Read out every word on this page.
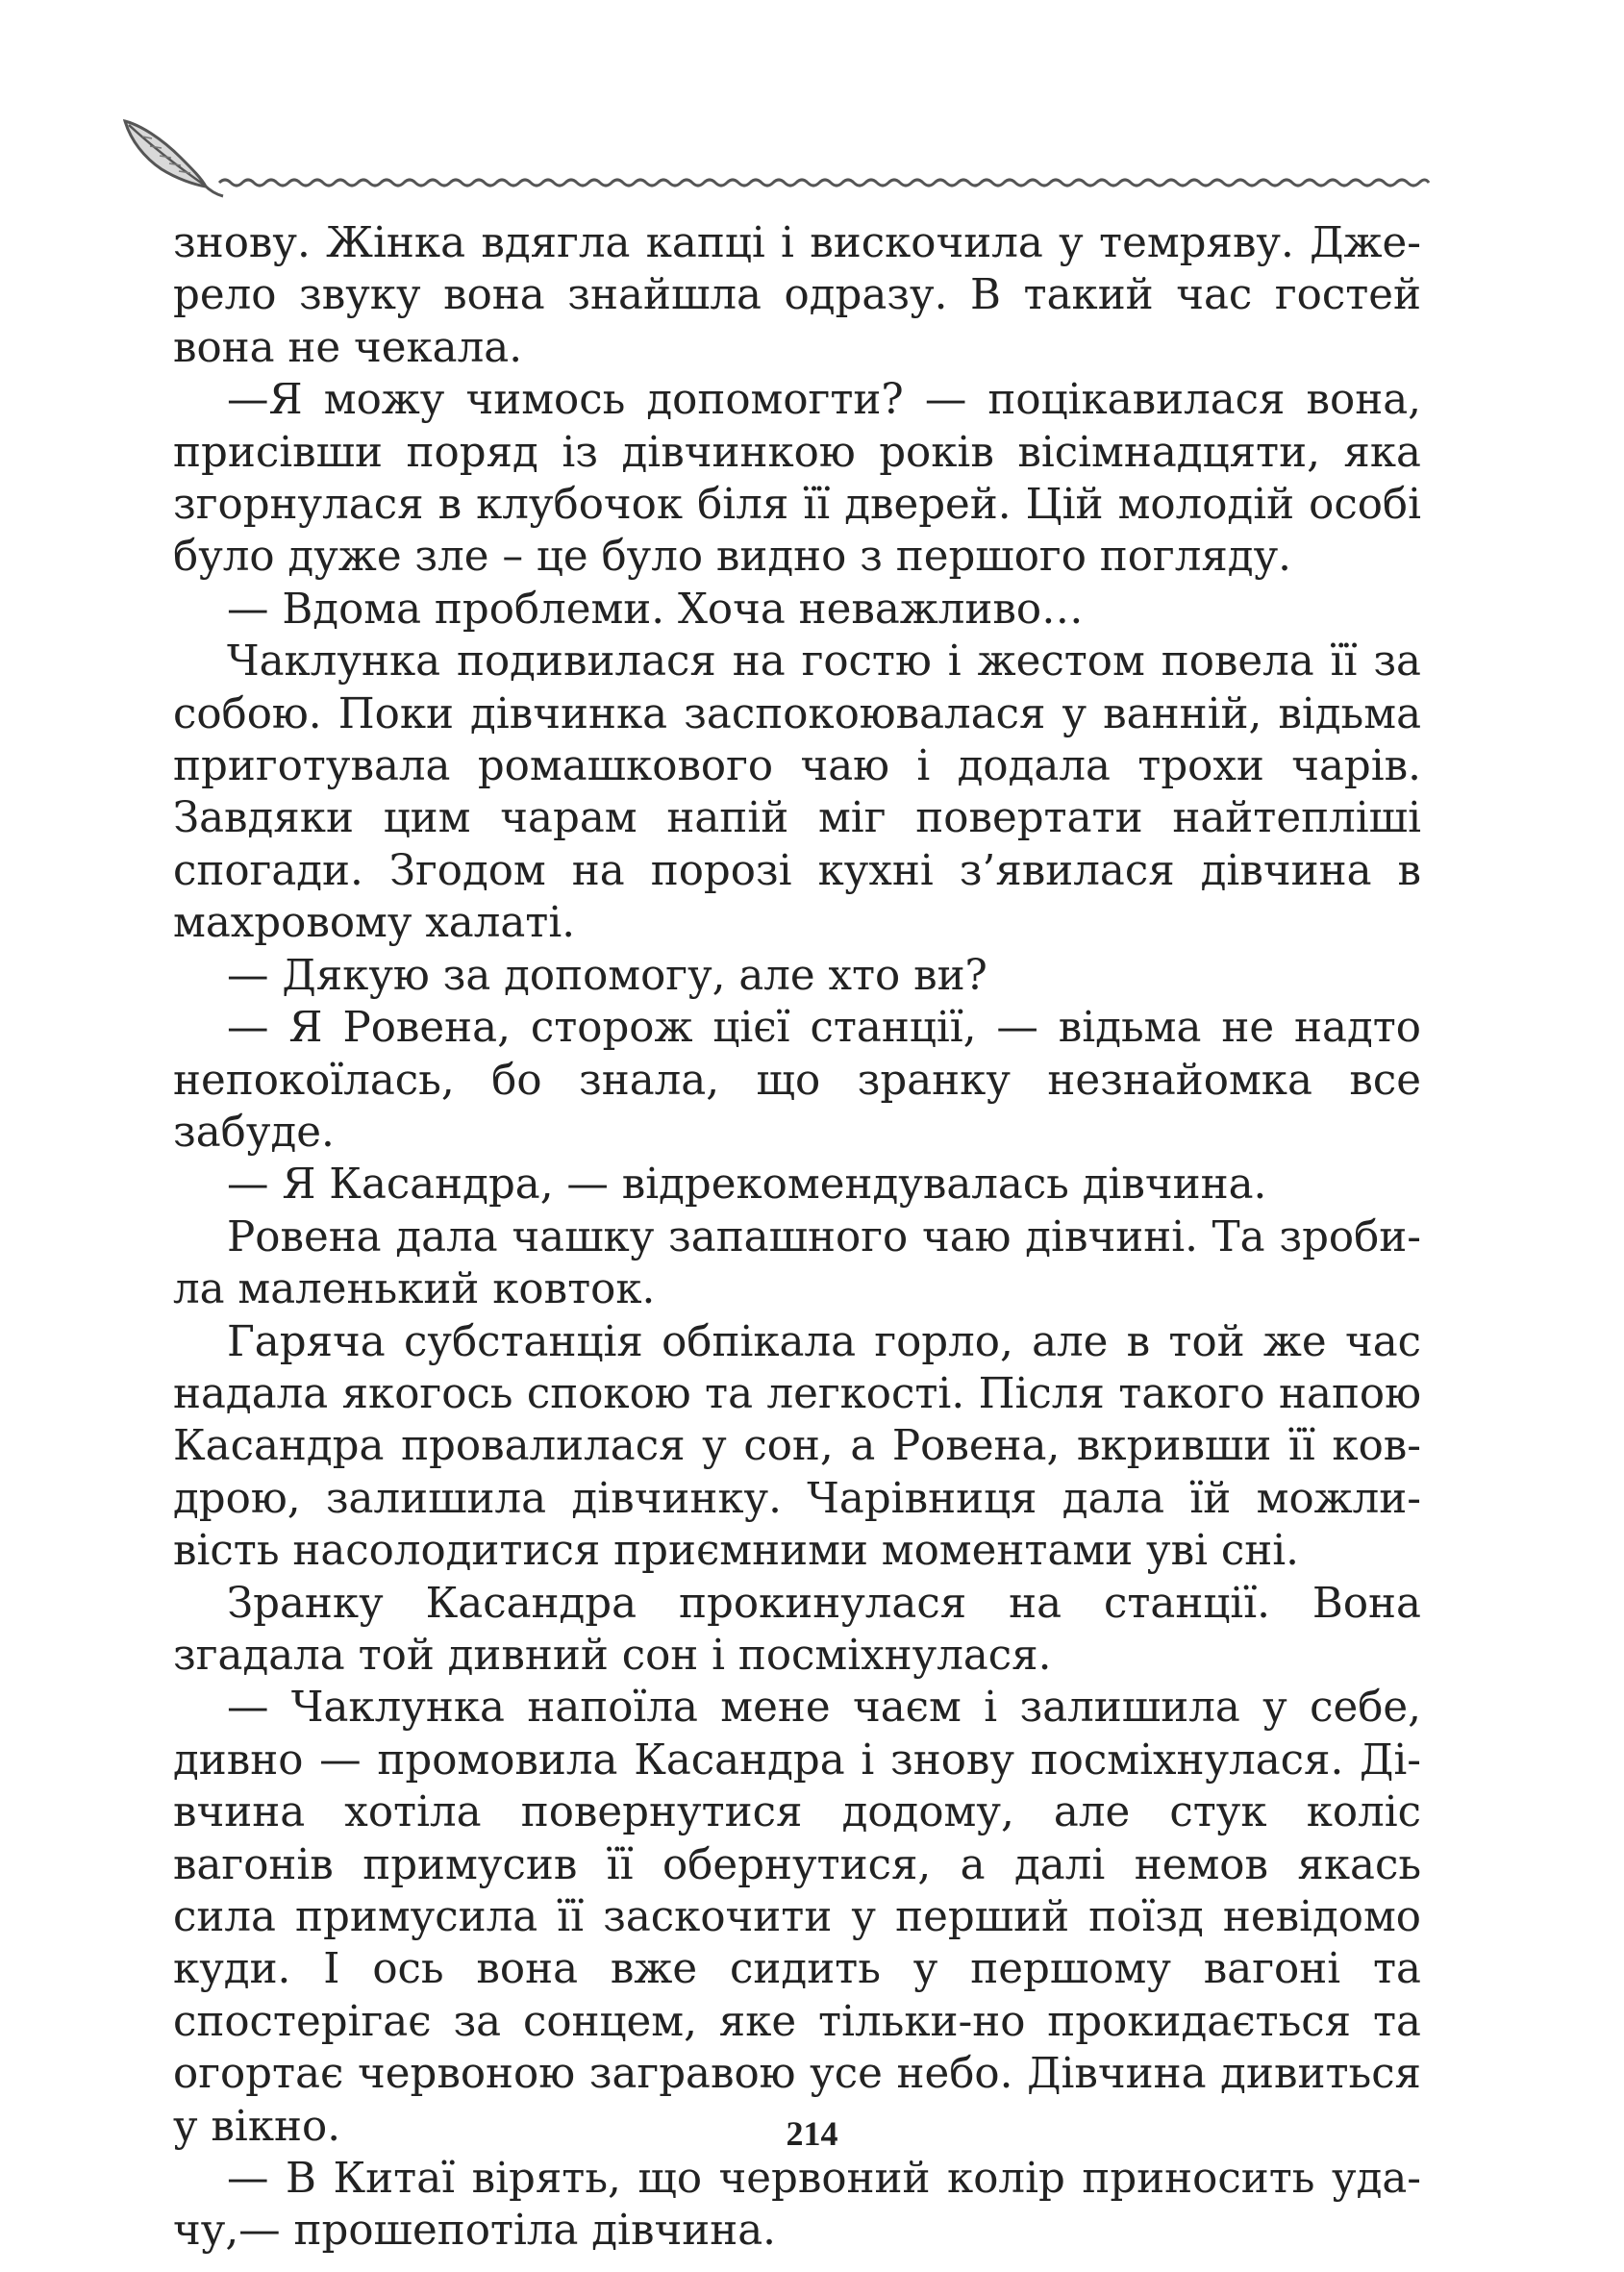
знову. Жінка вдягла капці і вискочила у темряву. Джерело звуку вона знайшла одразу. В такий час гостей вона не чекала.

—Я можу чимось допомогти? — поцікавилася вона, присівши поряд із дівчинкою років вісімнадцяти, яка згорнулася в клубочок біля її дверей. Цій молодій особі було дуже зле – це було видно з першого погляду.

— Вдома проблеми. Хоча неважливо…

Чаклунка подивилася на гостю і жестом повела її за собою. Поки дівчинка заспокоювалася у ванній, відьма приготувала ромашкового чаю і додала трохи чарів. Завдяки цим чарам напій міг повертати найтепліші спогади. Згодом на порозі кухні з’явилася дівчина в махровому халаті.

— Дякую за допомогу, але хто ви?

— Я Ровена, сторож цієї станції, — відьма не надто непокоїлась, бо знала, що зранку незнайомка все забуде.

— Я Касандра, — відрекомендувалась дівчина.

Ровена дала чашку запашного чаю дівчині. Та зробила маленький ковток.

Гаряча субстанція обпікала горло, але в той же час надала якогось спокою та легкості. Після такого напою Касандра провалилася у сон, а Ровена, вкривши її ковдрою, залишила дівчинку. Чарівниця дала їй можливість насолодитися приємними моментами уві сні.

Зранку Касандра прокинулася на станції. Вона згадала той дивний сон і посміхнулася.

— Чаклунка напоїла мене чаєм і залишила у себе, дивно — промовила Касандра і знову посміхнулася. Дівчина хотіла повернутися додому, але стук коліс вагонів примусив її обернутися, а далі немов якась сила примусила її заскочити у перший поїзд невідомо куди. І ось вона вже сидить у першому вагоні та спостерігає за сонцем, яке тільки-но прокидається та огортає червоною загравою усе небо. Дівчина дивиться у вікно.

— В Китаї вірять, що червоний колір приносить удачу,— прошепотіла дівчина.

214
